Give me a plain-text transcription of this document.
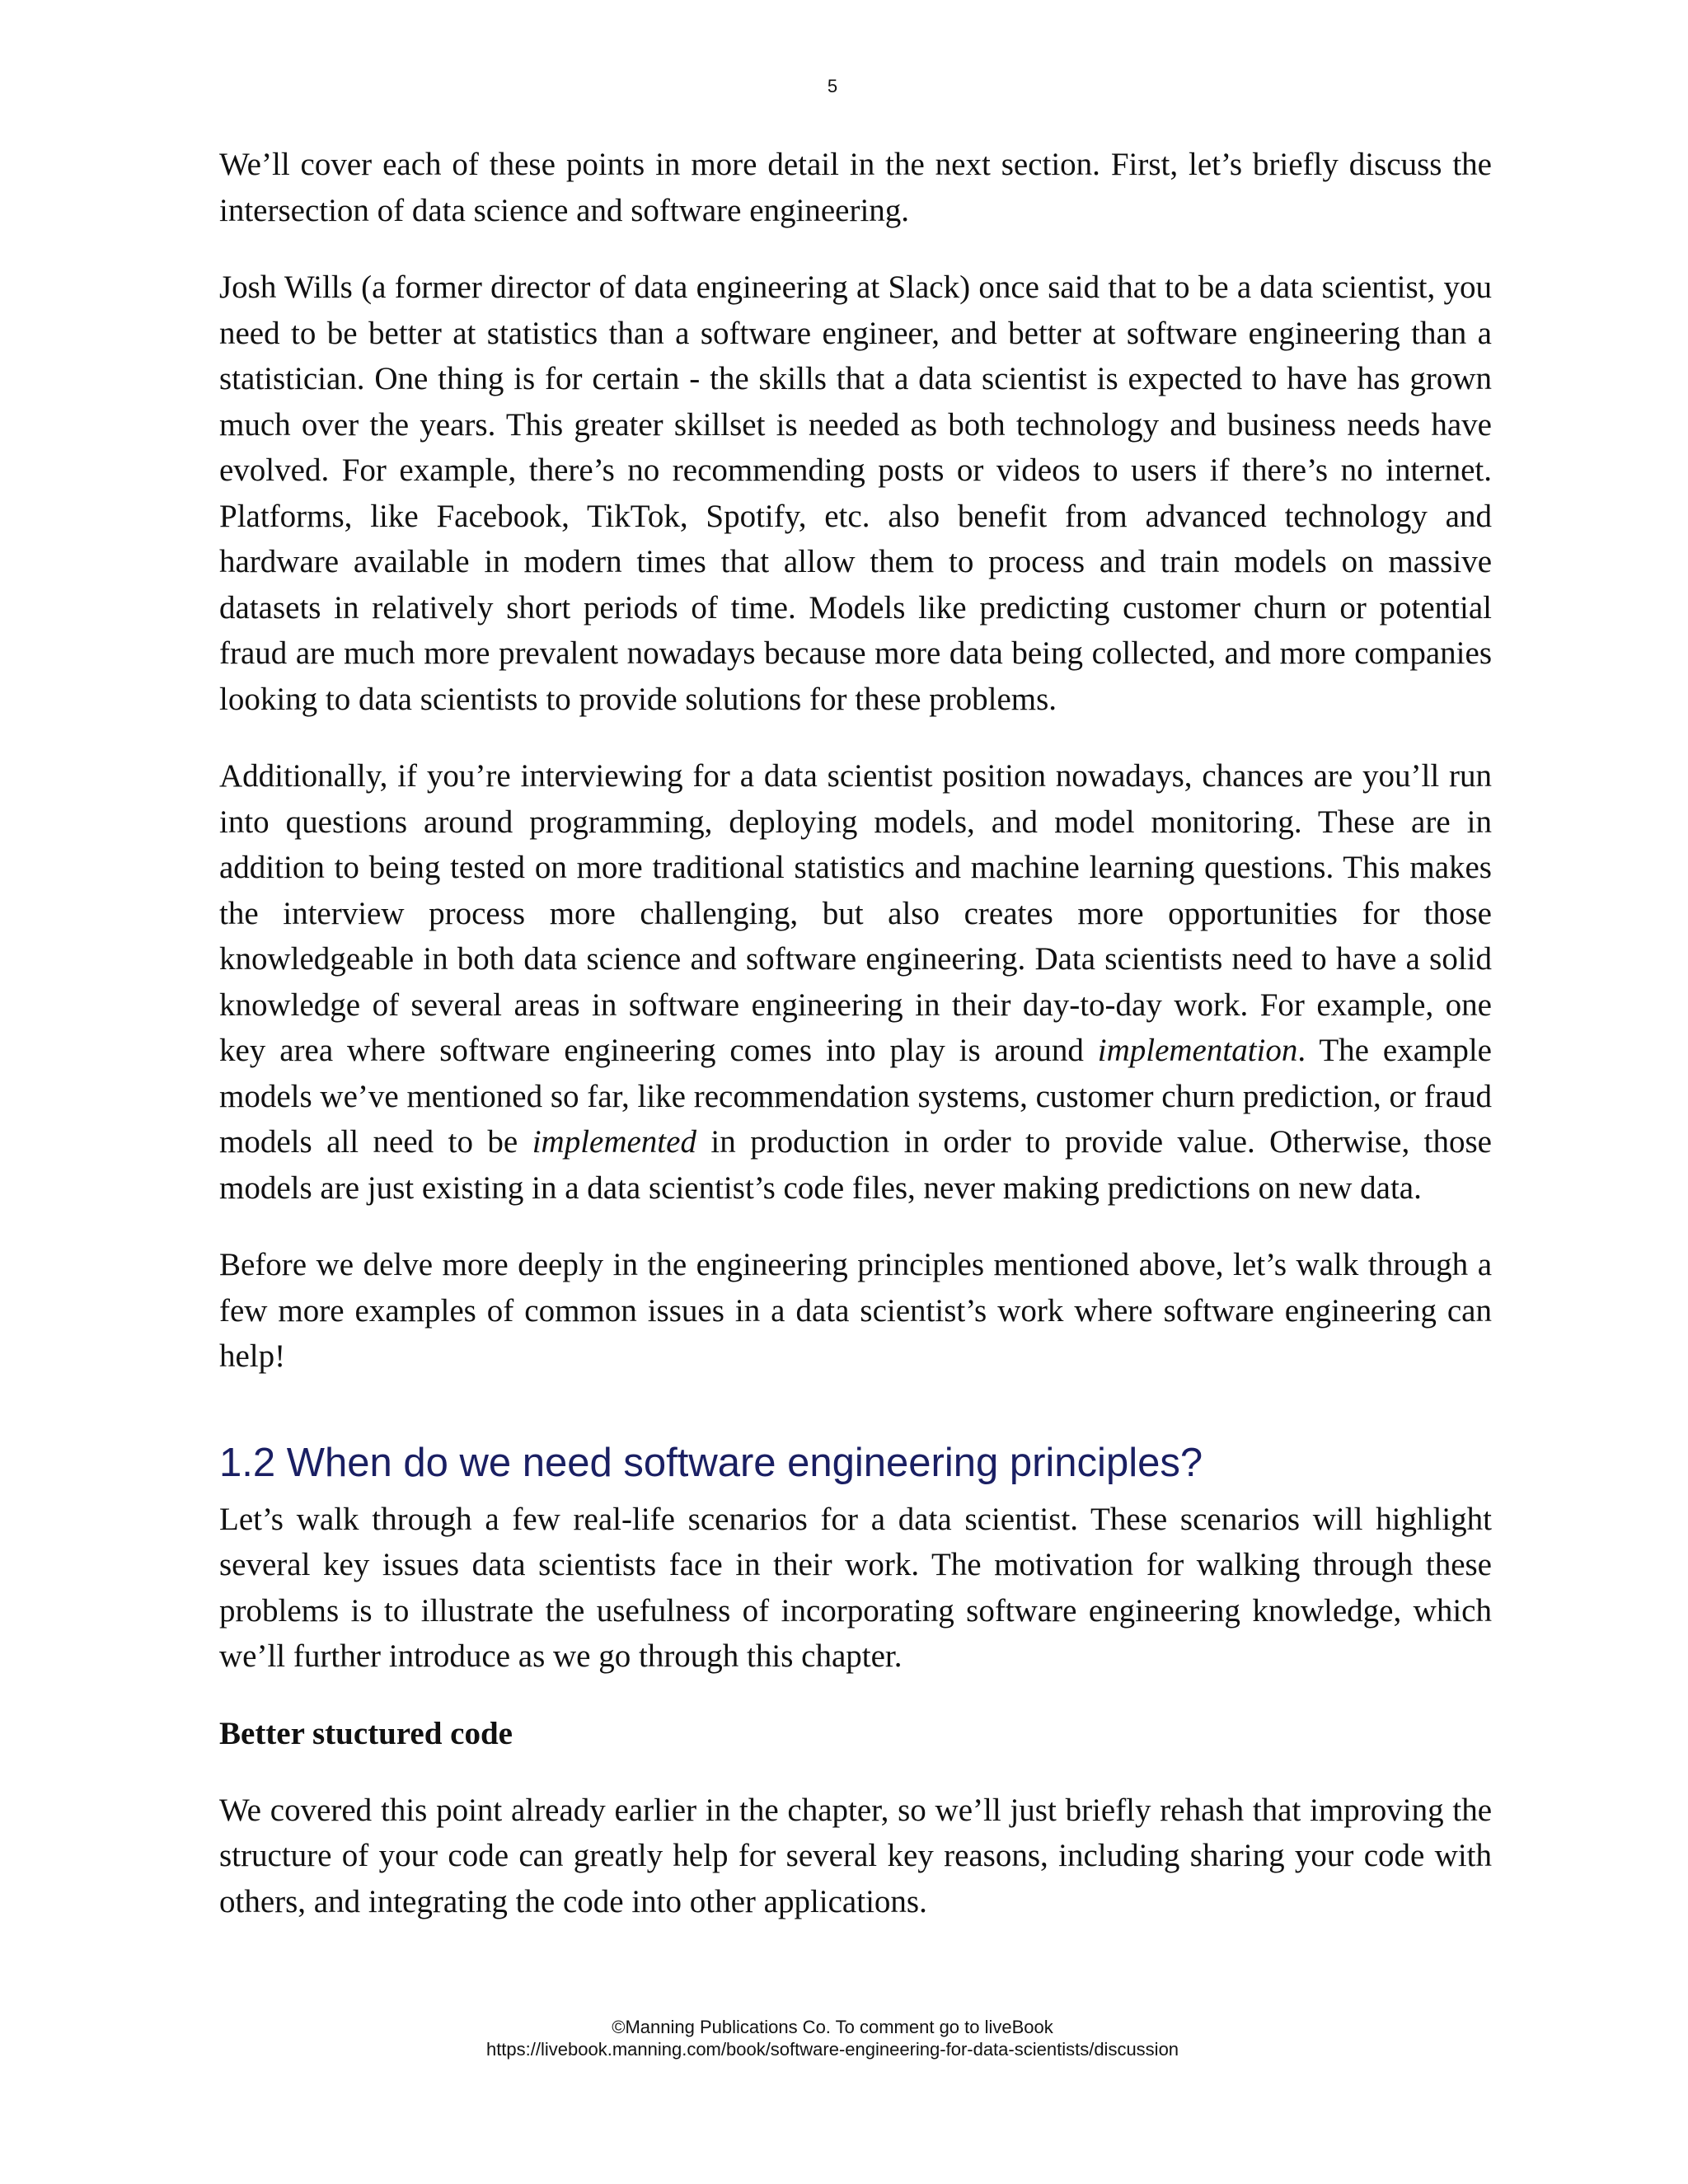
5

We’ll cover each of these points in more detail in the next section. First, let’s briefly discuss the intersection of data science and software engineering.

Josh Wills (a former director of data engineering at Slack) once said that to be a data scientist, you need to be better at statistics than a software engineer, and better at software engineering than a statistician. One thing is for certain - the skills that a data scientist is expected to have has grown much over the years. This greater skillset is needed as both technology and business needs have evolved. For example, there’s no recommending posts or videos to users if there’s no internet. Platforms, like Facebook, TikTok, Spotify, etc. also benefit from advanced technology and hardware available in modern times that allow them to process and train models on massive datasets in relatively short periods of time. Models like predicting customer churn or potential fraud are much more prevalent nowadays because more data being collected, and more companies looking to data scientists to provide solutions for these problems.

Additionally, if you’re interviewing for a data scientist position nowadays, chances are you’ll run into questions around programming, deploying models, and model monitoring. These are in addition to being tested on more traditional statistics and machine learning questions. This makes the interview process more challenging, but also creates more opportunities for those knowledgeable in both data science and software engineering. Data scientists need to have a solid knowledge of several areas in software engineering in their day-to-day work. For example, one key area where software engineering comes into play is around implementation. The example models we’ve mentioned so far, like recommendation systems, customer churn prediction, or fraud models all need to be implemented in production in order to provide value. Otherwise, those models are just existing in a data scientist’s code files, never making predictions on new data.

Before we delve more deeply in the engineering principles mentioned above, let’s walk through a few more examples of common issues in a data scientist’s work where software engineering can help!

1.2 When do we need software engineering principles?

Let’s walk through a few real-life scenarios for a data scientist. These scenarios will highlight several key issues data scientists face in their work. The motivation for walking through these problems is to illustrate the usefulness of incorporating software engineering knowledge, which we’ll further introduce as we go through this chapter.

Better stuctured code

We covered this point already earlier in the chapter, so we’ll just briefly rehash that improving the structure of your code can greatly help for several key reasons, including sharing your code with others, and integrating the code into other applications.

©Manning Publications Co. To comment go to liveBook
https://livebook.manning.com/book/software-engineering-for-data-scientists/discussion
